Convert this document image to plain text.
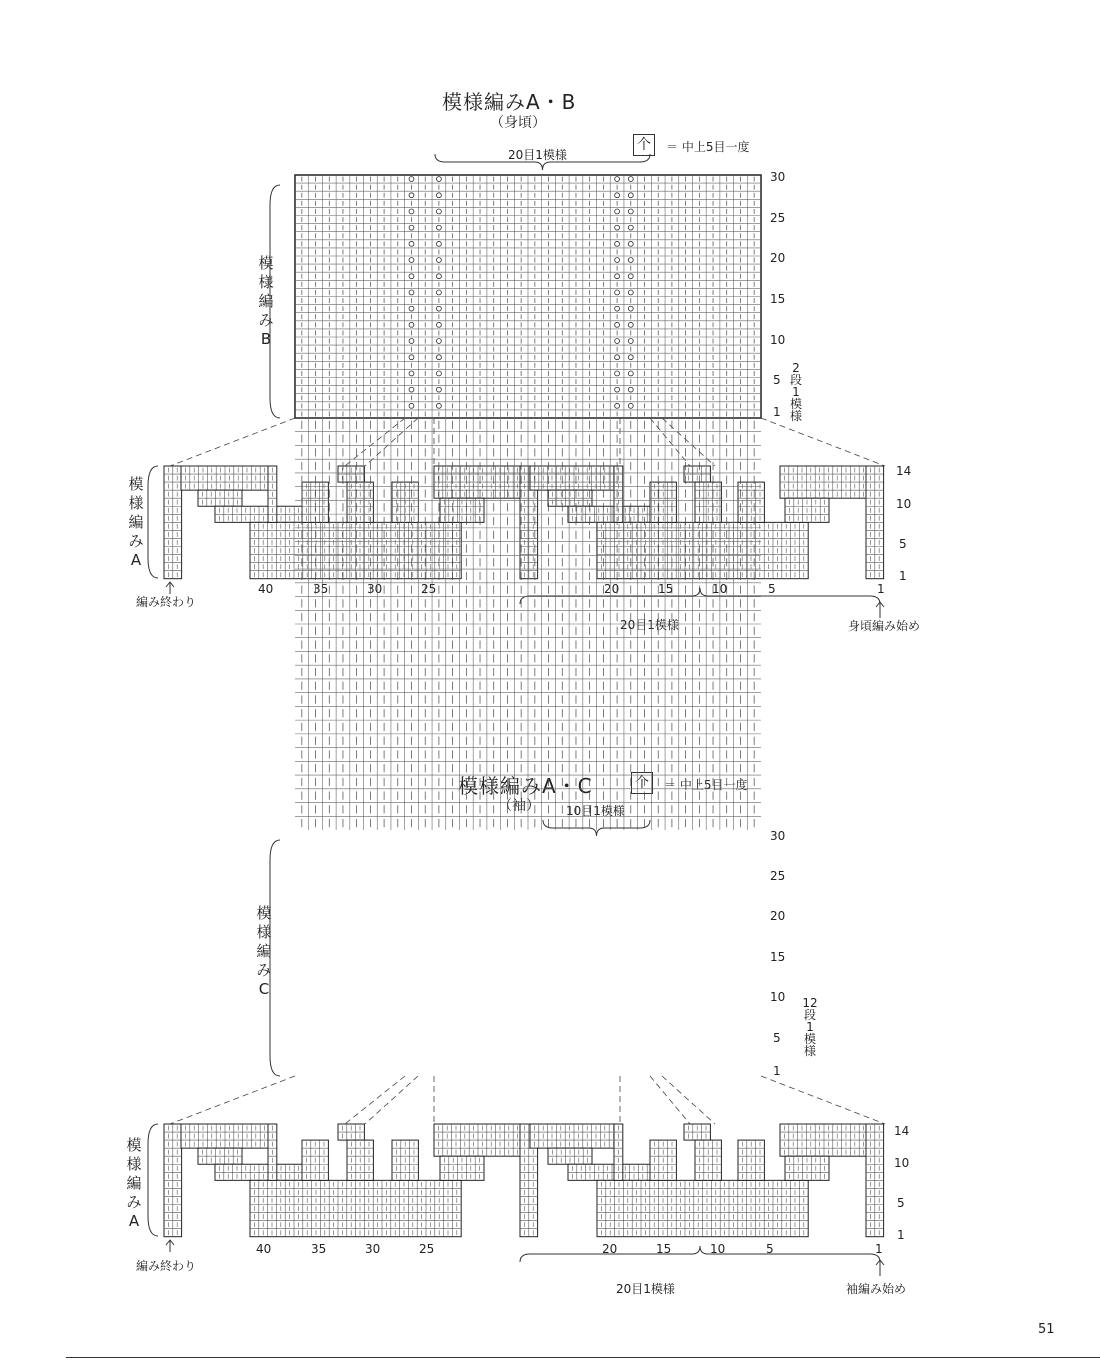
模様編みA・B
（身頃）
个	＝ 中上5目一度
20目1模様
模
様
編
み
B
30
25
20
15
10
5
1
2
段
1
模
様
模
様
編
み
A
14
10
5
1
40	35	30	25	20	15	10	5	1
20目1模様
編み終わり
身頃編み始め
模様編みA・C
（袖）
个	＝ 中上5目一度
10目1模様
模
様
編
み
C
30
25
20
15
10
5
1
12
段
1
模
様
模
様
編
み
A
14
10
5
1
40	35	30	25	20	15	10	5	1
20目1模様
編み終わり
袖編み始め
51
